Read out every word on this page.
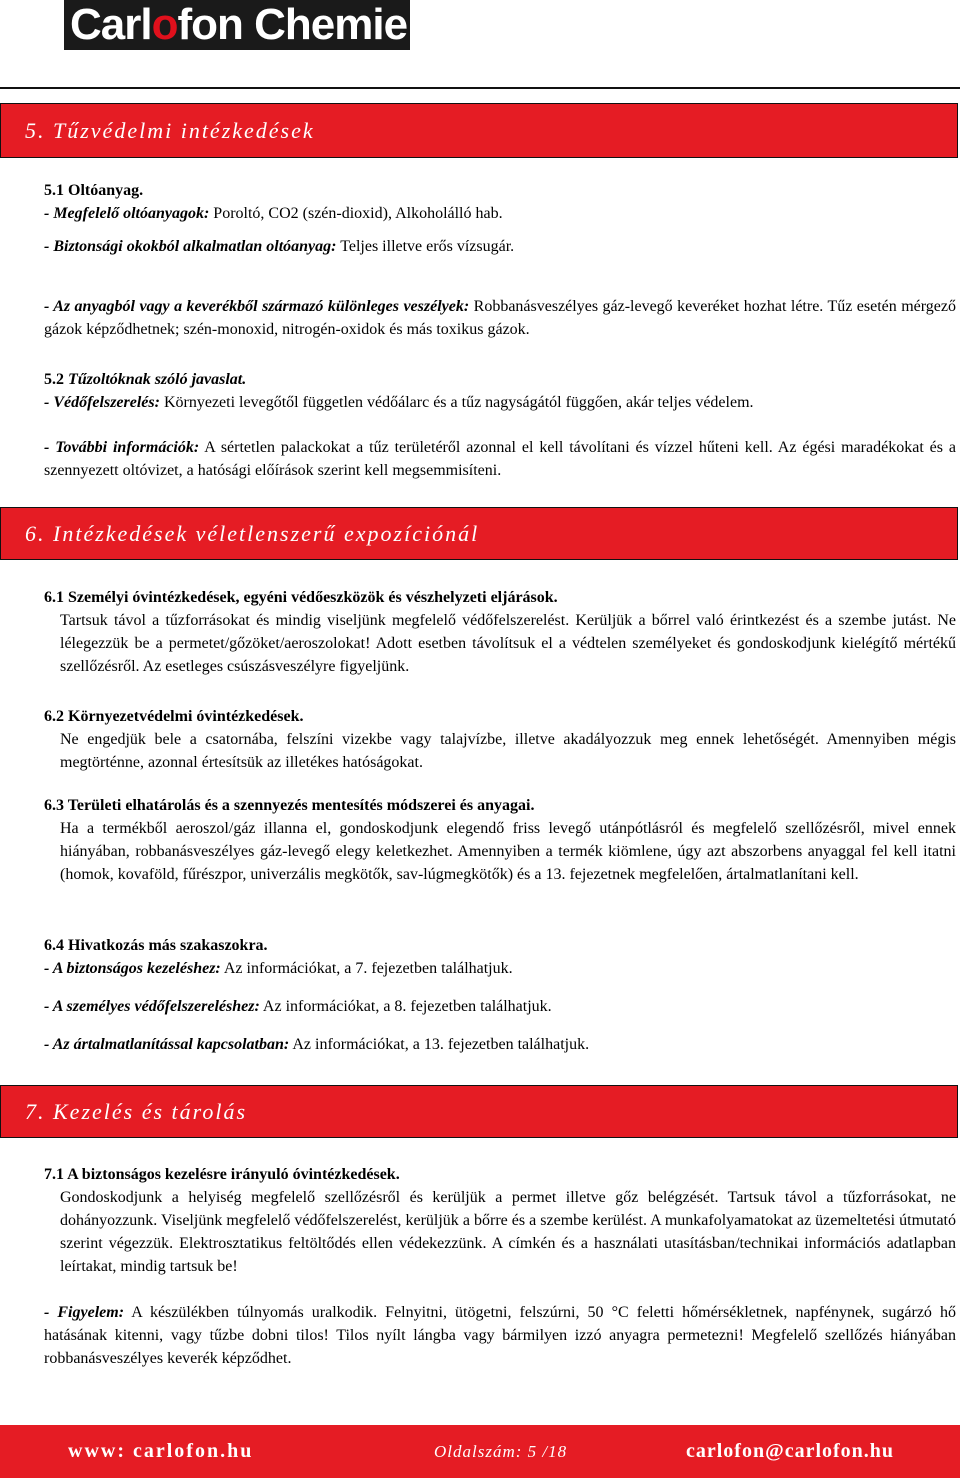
Carlofon Chemie
5. Tűzvédelmi intézkedések

5.1 Oltóanyag.

- Megfelelő oltóanyagok: Poroltó, CO2 (szén-dioxid), Alkoholálló hab.

- Biztonsági okokból alkalmatlan oltóanyag: Teljes illetve erős vízsugár.

- Az anyagból vagy a keverékből származó különleges veszélyek: Robbanásveszélyes gáz-levegő keveréket hozhat létre. Tűz esetén mérgező gázok képződhetnek; szén-monoxid, nitrogén-oxidok és más toxikus gázok.

5.2 Tűzoltóknak szóló javaslat.

- Védőfelszerelés: Környezeti levegőtől független védőálarc és a tűz nagyságától függően, akár teljes védelem.

- További információk: A sértetlen palackokat a tűz területéről azonnal el kell távolítani és vízzel hűteni kell. Az égési maradékokat és a szennyezett oltóvizet, a hatósági előírások szerint kell megsemmisíteni.

6. Intézkedések véletlenszerű expozíciónál

6.1 Személyi óvintézkedések, egyéni védőeszközök és vészhelyzeti eljárások.

Tartsuk távol a tűzforrásokat és mindig viseljünk megfelelő védőfelszerelést. Kerüljük a bőrrel való érintkezést és a szembe jutást. Ne lélegezzük be a permetet/gőzöket/aeroszolokat! Adott esetben távolítsuk el a védtelen személyeket és gondoskodjunk kielégítő mértékű szellőzésről. Az esetleges csúszásveszélyre figyeljünk.

6.2 Környezetvédelmi óvintézkedések.

Ne engedjük bele a csatornába, felszíni vizekbe vagy talajvízbe, illetve akadályozzuk meg ennek lehetőségét. Amennyiben mégis megtörténne, azonnal értesítsük az illetékes hatóságokat.

6.3 Területi elhatárolás és a szennyezés mentesítés módszerei és anyagai.

Ha a termékből aeroszol/gáz illanna el, gondoskodjunk elegendő friss levegő utánpótlásról és megfelelő szellőzésről, mivel ennek hiányában, robbanásveszélyes gáz-levegő elegy keletkezhet. Amennyiben a termék kiömlene, úgy azt abszorbens anyaggal fel kell itatni (homok, kovaföld, fűrészpor, univerzális megkötők, sav-lúgmegkötők) és a 13. fejezetnek megfelelően, ártalmatlanítani kell.

6.4 Hivatkozás más szakaszokra.

- A biztonságos kezeléshez: Az információkat, a 7. fejezetben találhatjuk.

- A személyes védőfelszereléshez: Az információkat, a 8. fejezetben találhatjuk.

- Az ártalmatlanítással kapcsolatban: Az információkat, a 13. fejezetben találhatjuk.

7. Kezelés és tárolás

7.1 A biztonságos kezelésre irányuló óvintézkedések.

Gondoskodjunk a helyiség megfelelő szellőzésről és kerüljük a permet illetve gőz belégzését. Tartsuk távol a tűzforrásokat, ne dohányozzunk. Viseljünk megfelelő védőfelszerelést, kerüljük a bőrre és a szembe kerülést. A munkafolyamatokat az üzemeltetési útmutató szerint végezzük. Elektrosztatikus feltöltődés ellen védekezzünk. A címkén és a használati utasításban/technikai információs adatlapban leírtakat, mindig tartsuk be!

- Figyelem: A készülékben túlnyomás uralkodik. Felnyitni, ütögetni, felszúrni, 50 °C feletti hőmérsékletnek, napfénynek, sugárzó hő hatásának kitenni, vagy tűzbe dobni tilos! Tilos nyílt lángba vagy bármilyen izzó anyagra permetezni! Megfelelő szellőzés hiányában robbanásveszélyes keverék képződhet.

www: carlofon.hu	Oldalszám: 5 /18	carlofon@carlofon.hu
